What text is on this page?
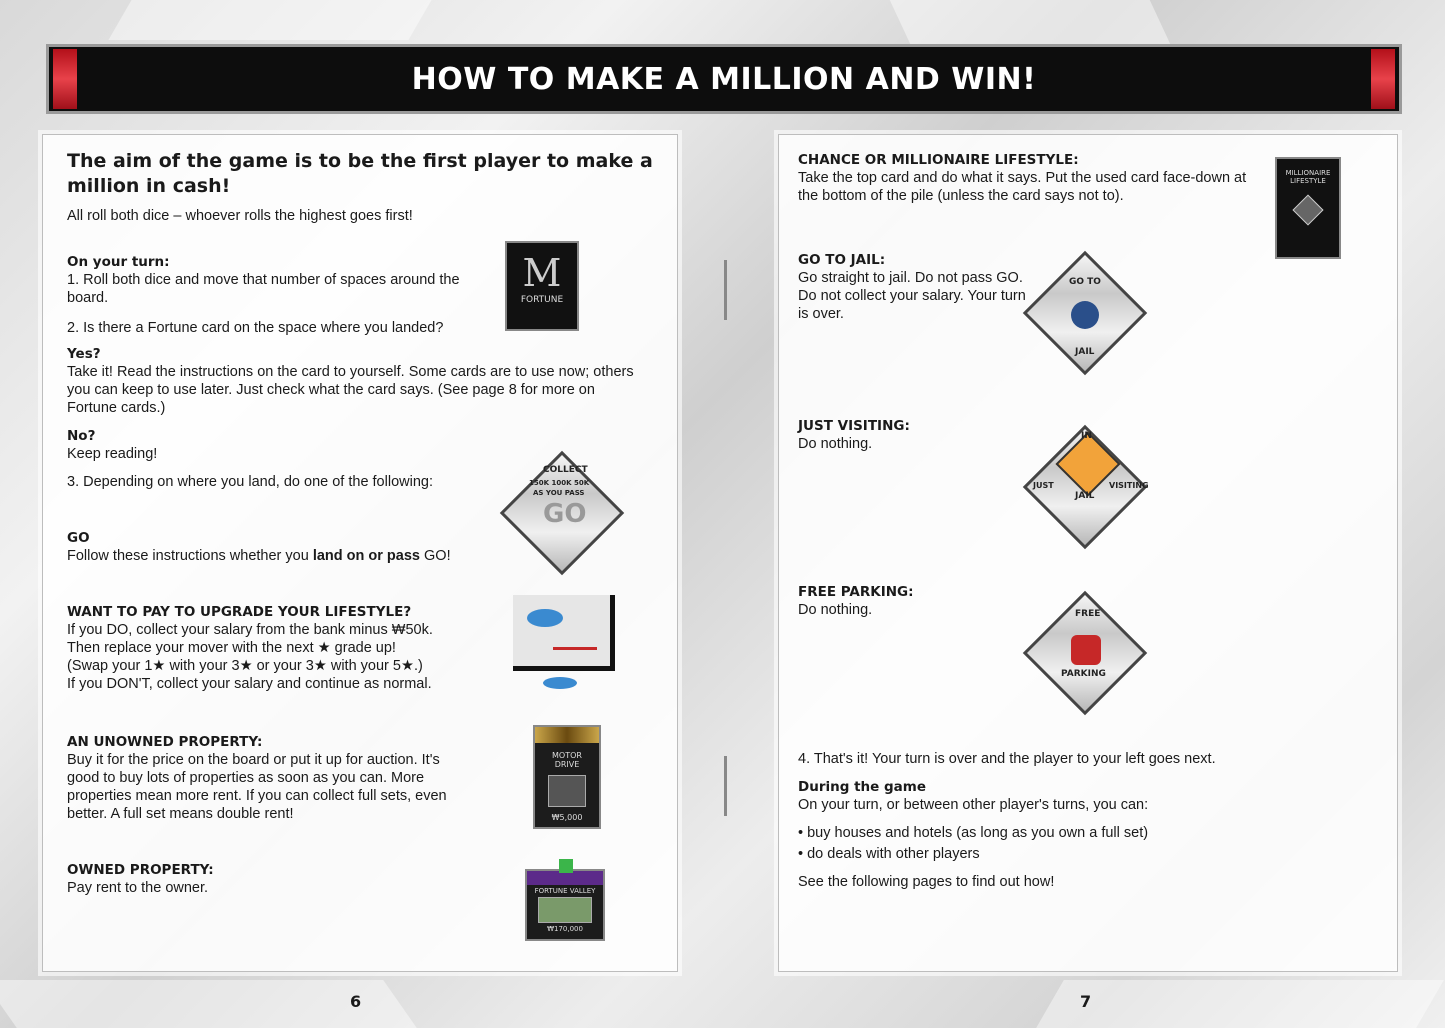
HOW TO MAKE A MILLION AND WIN!

The aim of the game is to be the first player to make a million in cash!

All roll both dice – whoever rolls the highest goes first!

On your turn:

1. Roll both dice and move that number of spaces around the board.

2. Is there a Fortune card on the space where you landed?

M
FORTUNE

Yes?

Take it! Read the instructions on the card to yourself. Some cards are to use now; others you can keep to use later. Just check what the card says. (See page 8 for more on Fortune cards.)

No?

Keep reading!

3. Depending on where you land, do one of the following:

COLLECT
150K 100K 50K
AS YOU PASS
GO

GO

Follow these instructions whether you land on or pass GO!

WANT TO PAY TO UPGRADE YOUR LIFESTYLE?

If you DO, collect your salary from the bank minus ₩50k.

Then replace your mover with the next ★ grade up!

(Swap your 1★ with your 3★ or your 3★ with your 5★.)

If you DON'T, collect your salary and continue as normal.

AN UNOWNED PROPERTY:

Buy it for the price on the board or put it up for auction. It's good to buy lots of properties as soon as you can. More properties mean more rent. If you can collect full sets, even better. A full set means double rent!

MOTOR DRIVE
₩5,000

OWNED PROPERTY:

Pay rent to the owner.	FORTUNE VALLEY
₩170,000
6

CHANCE OR MILLIONAIRE LIFESTYLE:

Take the top card and do what it says. Put the used card face-down at the bottom of the pile (unless the card says not to).

MILLIONAIRE LIFESTYLE

GO TO JAIL:

Go straight to jail. Do not pass GO. Do not collect your salary. Your turn is over.

GO TO
JAIL

JUST VISITING:

Do nothing.	IN
JAIL
JUST	VISITING

FREE PARKING:

Do nothing.	FREE
PARKING

4. That's it! Your turn is over and the player to your left goes next.

During the game

On your turn, or between other player's turns, you can:

• buy houses and hotels (as long as you own a full set)

• do deals with other players

See the following pages to find out how!

7
